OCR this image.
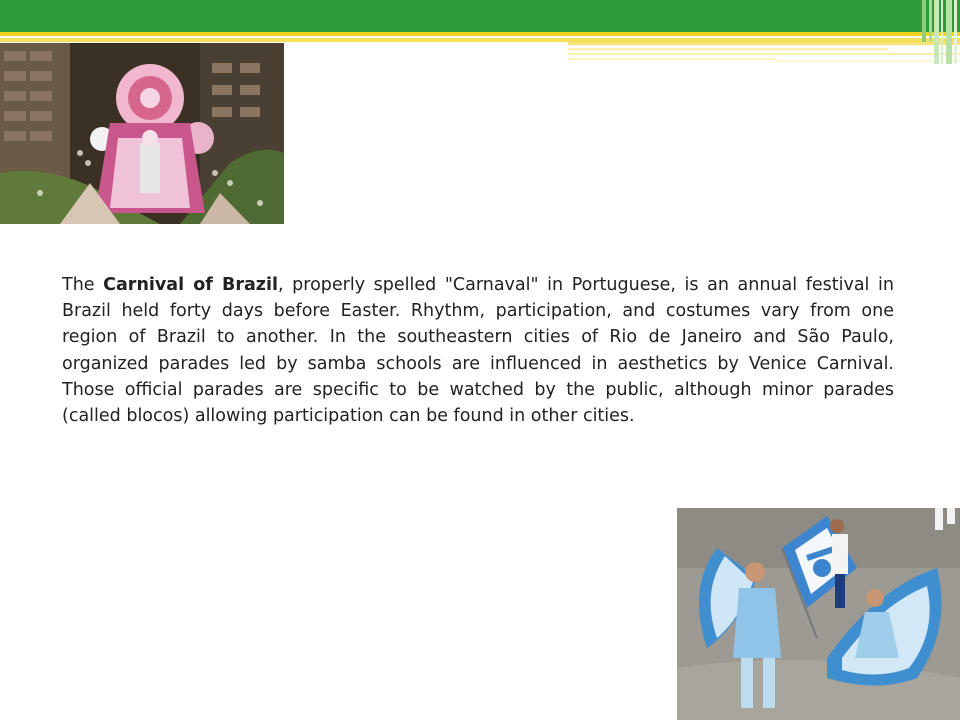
The Carnival of Brazil, properly spelled "Carnaval" in Portuguese, is an annual festival in Brazil held forty days before Easter. Rhythm, participation, and costumes vary from one region of Brazil to another. In the southeastern cities of Rio de Janeiro and São Paulo, organized parades led by samba schools are influenced in aesthetics by Venice Carnival. Those official parades are specific to be watched by the public, although minor parades (called blocos) allowing participation can be found in other cities.
